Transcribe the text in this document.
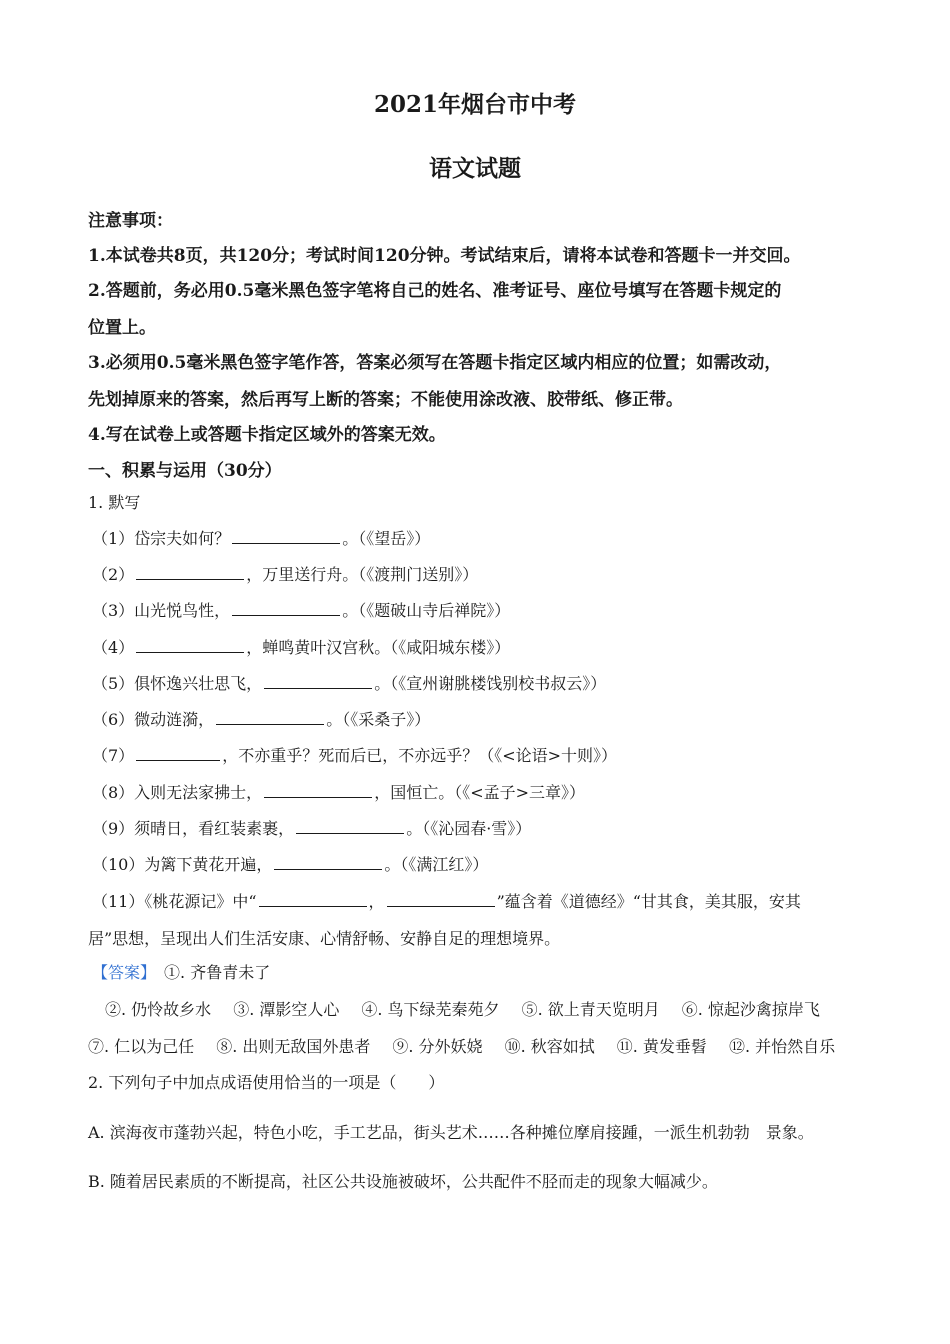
2021年烟台市中考
语文试题
注意事项：
1.本试卷共8页，共120分；考试时间120分钟。考试结束后，请将本试卷和答题卡一并交回。
2.答题前，务必用0.5毫米黑色签字笔将自己的姓名、准考证号、座位号填写在答题卡规定的
位置上。
3.必须用0.5毫米黑色签字笔作答，答案必须写在答题卡指定区域内相应的位置；如需改动，
先划掉原来的答案，然后再写上断的答案；不能使用涂改液、胶带纸、修正带。
4.写在试卷上或答题卡指定区域外的答案无效。
一、积累与运用（30分）
1. 默写
（1）岱宗夫如何？	。（《望岳》）
（2）	，万里送行舟。（《渡荆门送别》）
（3）山光悦鸟性，	。（《题破山寺后禅院》）
（4）	，蝉鸣黄叶汉宫秋。（《咸阳城东楼》）
（5）俱怀逸兴壮思飞，	。（《宣州谢朓楼饯别校书叔云》）
（6）微动涟漪，	。（《采桑子》）
（7）	，不亦重乎？死而后已，不亦远乎？（《<论语>十则》）
（8）入则无法家拂士，	，国恒亡。（《<孟子>三章》）
（9）须晴日，看红装素裹，	。（《沁园春·雪》）
（10）为篱下黄花开遍，	。（《满江红》）
（11）《桃花源记》中“	，	”蕴含着《道德经》“甘其食，美其服，安其
居”思想，呈现出人们生活安康、心情舒畅、安静自足的理想境界。
【答案】　 ①. 齐鲁青未了
②. 仍怜故乡水 ③. 潭影空人心 ④. 鸟下绿芜秦苑夕 ⑤. 欲上青天览明月 ⑥. 惊起沙禽掠岸飞
⑦. 仁以为己任 ⑧. 出则无敌国外患者 ⑨. 分外妖娆 ⑩. 秋容如拭 ⑪. 黄发垂髫 ⑫. 并怡然自乐
2. 下列句子中加点成语使用恰当的一项是（　　）
A. 滨海夜市蓬勃兴起，特色小吃，手工艺品，街头艺术……各种摊位摩肩接踵，一派生机勃勃　景象。
B. 随着居民素质的不断提高，社区公共设施被破坏，公共配件不胫而走的现象大幅减少。
